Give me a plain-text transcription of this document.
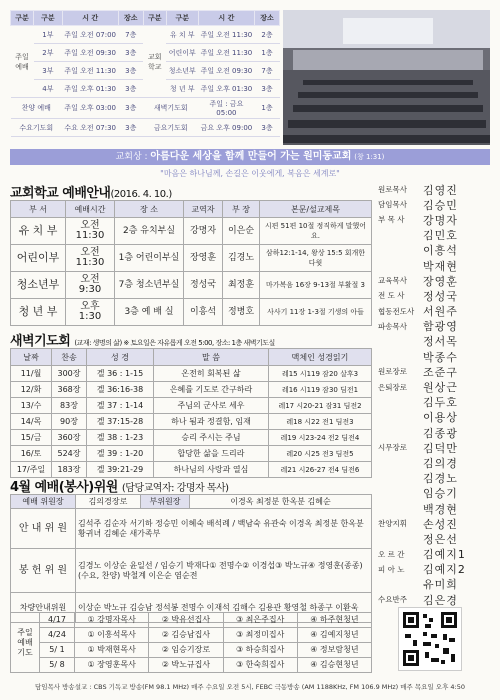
구분	구분	시 간	장소	구분	구분	시 간	장소
주일 예배	1부	주일 오전 07:00	7층	교회 학교	유 치 부	주일 오전 11:30	2층
	2부	주일 오전 09:30	3층		어린이부	주일 오전 11:30	1층
	3부	주일 오전 11:30	3층		청소년부	주일 오전 09:30	7층
	4부	주일 오후 01:30	3층		청 년 부	주일 오후 01:30	3층
찬양 예배		주일 오후 03:00	3층	새벽기도회		주일 : 금요 05:00	1층
수요기도회		수요 오전 07:30	3층	금요기도회		금요 오후 09:00	3층
교회상 : 아름다운 세상을 함께 만들어 가는 원미동교회 (창 1:31)
"마음은 하나님께, 손길은 이웃에게, 복음은 세계로"
교회학교 예배안내(2016. 4. 10.)
부 서	예배시간	장 소	교역자	부 장	본문/설교제목
유 치 부	오전11:30	2층 유치부실	강명자	이은순	시편 51편 10절 정직하게 말했어요.
어린이부	오전11:30	1층 어린이부실	장영훈	김경노	삼하12:1-14, 왕상 15:5 회개한 다윗
청소년부	오전 9:30	7층 청소년부실	정성국	최정훈	마가복음 16장 9-13절 부활절 3
청 년 부	오후 1:30	3층 예 배 실	이흥석	정병호	사사기 11장 1-3절 기생의 아들
새벽기도회 (교재: 생명의 삶) ※ 토요일은 자유롭게 오전 5:00, 장소: 1층 새벽기도실
날짜	찬송	성 경	말 씀	맥체인 성경읽기
11/월	300장	겔 36 : 1-15	온전히 회복된 삶	레15 시119 잠20 살후3
12/화	368장	겔 36:16-38	은혜를 기도로 간구하라	레16 시119 잠30 딤전1
13/수	83장	겔 37 : 1-14	주님의 군사로 세우	레17 시20-21 잠31 딤전2
14/목	90장	겔 37:15-28	하나 됨과 정결함, 임재	레18 시22 전1 딤전3
15/금	360장	겔 38 : 1-23	승리 주시는 주님	레19 시23-24 전2 딤전4
16/토	524장	겔 39 : 1-20	합당한 삶을 드리라	레20 시25 전3 딤전5
17/주일	183장	겔 39:21-29	하나님의 사랑과 열심	레21 시26-27 전4 딤전6
4월 예배(봉사)위원 (담당교역자: 강명자 목사)
예배 위원장	김의경장로	부위원장	이경옥 최정분 한옥분 김혜순
안 내 위 원	김석주 김순자 서기하 정승민 이혜숙 배석례 / 백남숙 유관숙 이경옥 최정분 한옥분 황귀녀 김혜순 새가족부		
봉 헌 위 원	김경노 이상순 윤일선 / 임승기 박재다① 전명수② 이경섭③ 박노규④ 정영훈(종종) (수요, 찬양) 박철계 이은순 염순전		
차량안내위원	이상순 박노규 김승남 정석봉 전명수 이재석 김해수 김용관 황영철 하종구 이환욱		
주일 예배 기도	4/17	① 강명자목사	② 박유선집사	③ 최은주집사	④ 하주현청년
	4/24	① 이흥석목사	② 김승남집사	③ 최정미집사	④ 김예지청년
	5/ 1	① 박재현목사	② 임승기장로	③ 하승희집사	④ 정보람청년
	5/ 8	① 장영훈목사	② 박노규집사	③ 한숙희집사	④ 김승현청년
원로목사	김영진
담임목사	김승민
부 목 사	강명자
김민호
이흥석
박재현
교육목사	장영훈
전 도 사	정성국
협동전도사 서원주
파송목사	함광영
정서목
박종수
원로장로	조준구
은퇴장로	원상근
김두호
이용상
김종광
시무장로	김덕만
김의경
김경노
임승기
백경현
찬양지휘	손성진
정은선
오 르 간	김예지1
피 아 노	김예지2
유미희
수요반주	김은경
담임목사 방송설교 : CBS 기독교 방송(FM 98.1 MHz) 매주 수요일 오전 5시, FEBC 극동방송 (AM 1188KHz, FM 106.9 MHz) 매주 목요일 오후 4:50
